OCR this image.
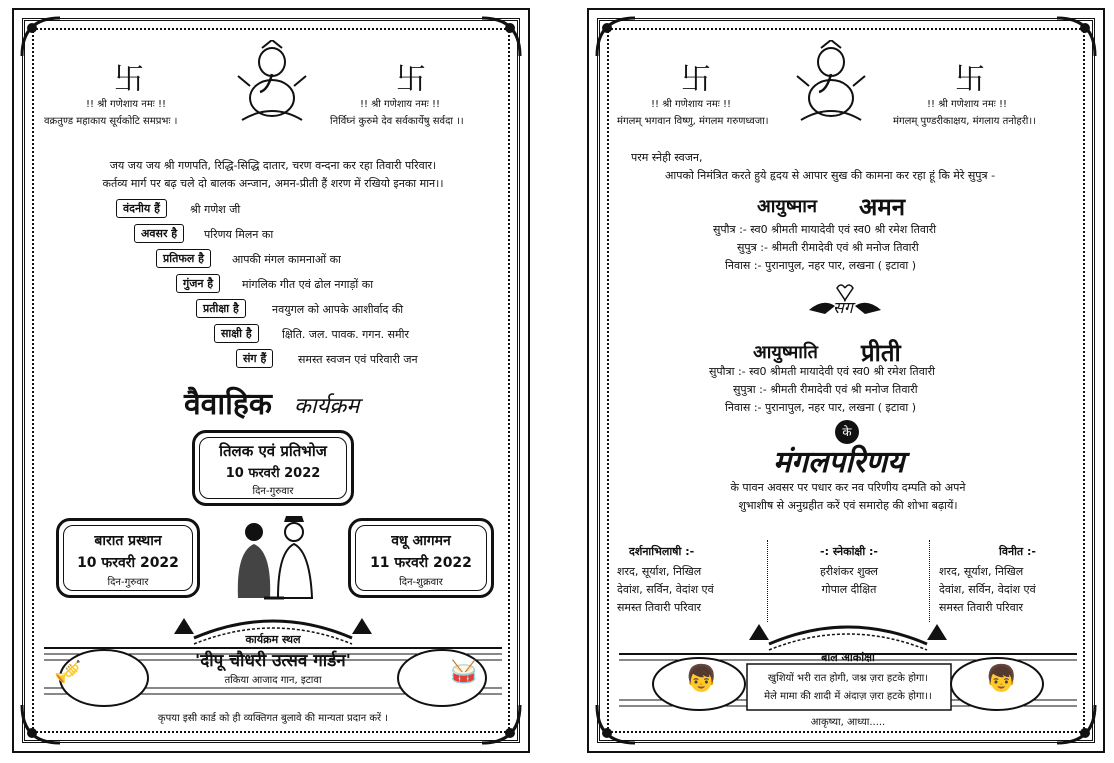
卐	卐
!! श्री गणेशाय नमः !!	!! श्री गणेशाय नमः !!
वक्रतुण्ड महाकाय सूर्यकोटि समप्रभः ।	निर्विघ्नं कुरुमे देव सर्वकार्येषु सर्वदा ।।
जय जय जय श्री गणपति, रिद्धि-सिद्धि दातार, चरण वन्दना कर रहा तिवारी परिवार।
कर्तव्य मार्ग पर बढ़ चले दो बालक अन्जान, अमन-प्रीती हैं शरण में रखियो इनका मान।।
वंदनीय हैं	श्री गणेश जी
अवसर है	परिणय मिलन का
प्रतिफल है	आपकी मंगल कामनाओं का
गुंजन है	मांगलिक गीत एवं ढोल नगाड़ों का
प्रतीक्षा है	नवयुगल को आपके आशीर्वाद की
साक्षी है	क्षिति. जल. पावक. गगन. समीर
संग हैं	समस्त स्वजन एवं परिवारी जन
वैवाहिक कार्यक्रम
तिलक एवं प्रतिभोज
10 फरवरी 2022
दिन-गुरुवार
बारात प्रस्थान
10 फरवरी 2022
दिन-गुरुवार
वधू आगमन
11 फरवरी 2022
दिन-शुक्रवार
🎺	🥁
कार्यक्रम स्थल
'दीपू चौधरी उत्सव गार्डन'
तकिया आजाद गान, इटावा
कृपया इसी कार्ड को ही व्यक्तिगत बुलावे की मान्यता प्रदान करें ।
卐	卐
!! श्री गणेशाय नमः !!	!! श्री गणेशाय नमः !!
मंगलम् भगवान विष्णु, मंगलम गरुणध्वजा।	मंगलम् पुण्डरीकाक्षय, मंगलाय तनोहरी।।
परम स्नेही स्वजन,
आपको निमंत्रित करते हुये हृदय से आपार सुख की कामना कर रहा हूं कि मेरे सुपुत्र -
आयुष्मान अमन
सुपौत्र :- स्व0 श्रीमती मायादेवी एवं स्व0 श्री रमेश तिवारी
सुपुत्र :- श्रीमती रीमादेवी एवं श्री मनोज तिवारी
निवास :- पुरानापुल, नहर पार, लखना ( इटावा )
संग
आयुष्माति प्रीती
सुपौत्रा :- स्व0 श्रीमती मायादेवी एवं स्व0 श्री रमेश तिवारी
सुपुत्रा :- श्रीमती रीमादेवी एवं श्री मनोज तिवारी
निवास :- पुरानापुल, नहर पार, लखना ( इटावा )
के
मंगलपरिणय
के पावन अवसर पर पधार कर नव परिणीय दम्पति को अपने
शुभाशीष से अनुग्रहीत करें एवं समारोह की शोभा बढ़ायें।
दर्शनाभिलाषी :-
शरद, सूर्याश, निखिल
देवांश, सर्विन, वेदांश एवं
समस्त तिवारी परिवार
-: स्नेकांक्षी :-
हरीशंकर शुक्ल
गोपाल दीक्षित
विनीत :-
शरद, सूर्याश, निखिल
देवांश, सर्विन, वेदांश एवं
समस्त तिवारी परिवार
👦	👦
बाल आकांक्षा
खुशियों भरी रात होगी, जश्न ज़रा हटके होगा।
मेले मामा की शादी में अंदाज़ ज़रा हटके होगा।।
आकृष्या, आध्या.....
